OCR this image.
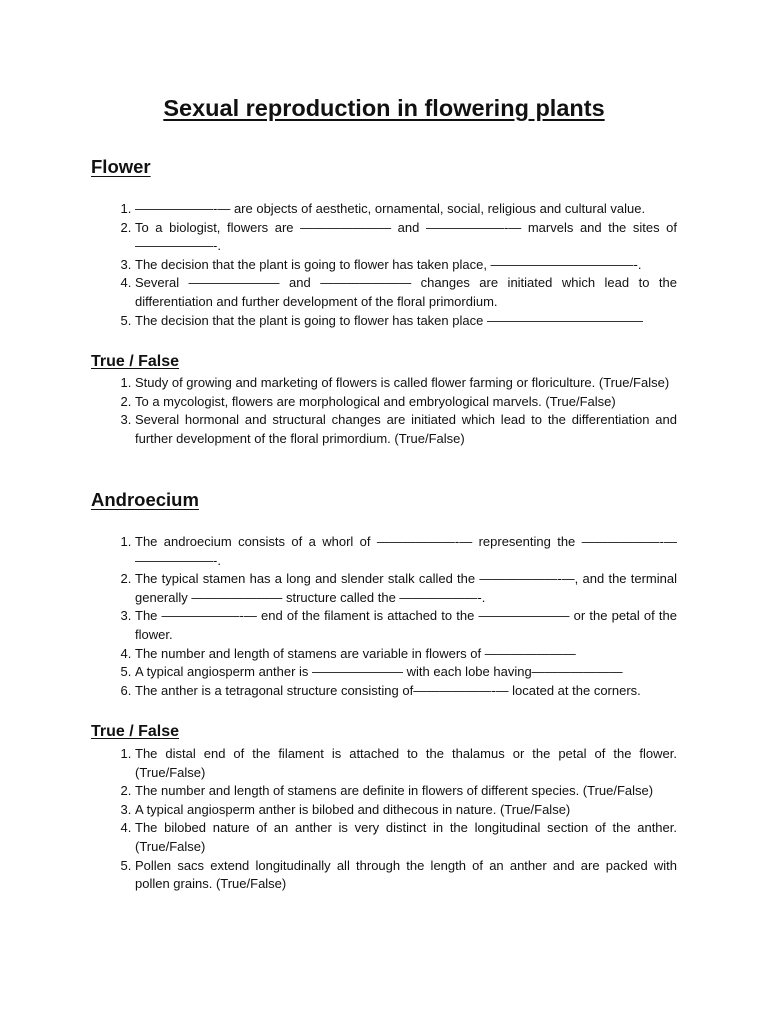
Sexual reproduction in flowering plants
Flower
1. ——————-— are objects of aesthetic, ornamental, social, religious and cultural value.
2. To a biologist, flowers are ——————— and ——————-— marvels and the sites of ——————-.
3. The decision that the plant is going to flower has taken place, ———————————-.
4. Several ——————— and ——————— changes are initiated which lead to the differentiation and further development of the floral primordium.
5. The decision that the plant is going to flower has taken place ————————————
True / False
1. Study of growing and marketing of flowers is called flower farming or floriculture. (True/False)
2. To a mycologist, flowers are morphological and embryological marvels. (True/False)
3. Several hormonal and structural changes are initiated which lead to the differentiation and further development of the floral primordium. (True/False)
Androecium
1. The androecium consists of a whorl of ——————-— representing the ——————-— ——————-.
2. The typical stamen has a long and slender stalk called the ——————-—, and the terminal generally ——————— structure called the ——————-.
3. The ——————-— end of the filament is attached to the ——————— or the petal of the flower.
4. The number and length of stamens are variable in flowers of ———————
5. A typical angiosperm anther is ——————— with each lobe having———————
6. The anther is a tetragonal structure consisting of——————-— located at the corners.
True / False
1. The distal end of the filament is attached to the thalamus or the petal of the flower. (True/False)
2. The number and length of stamens are definite in flowers of different species. (True/False)
3. A typical angiosperm anther is bilobed and dithecous in nature. (True/False)
4. The bilobed nature of an anther is very distinct in the longitudinal section of the anther. (True/False)
5. Pollen sacs extend longitudinally all through the length of an anther and are packed with pollen grains. (True/False)
